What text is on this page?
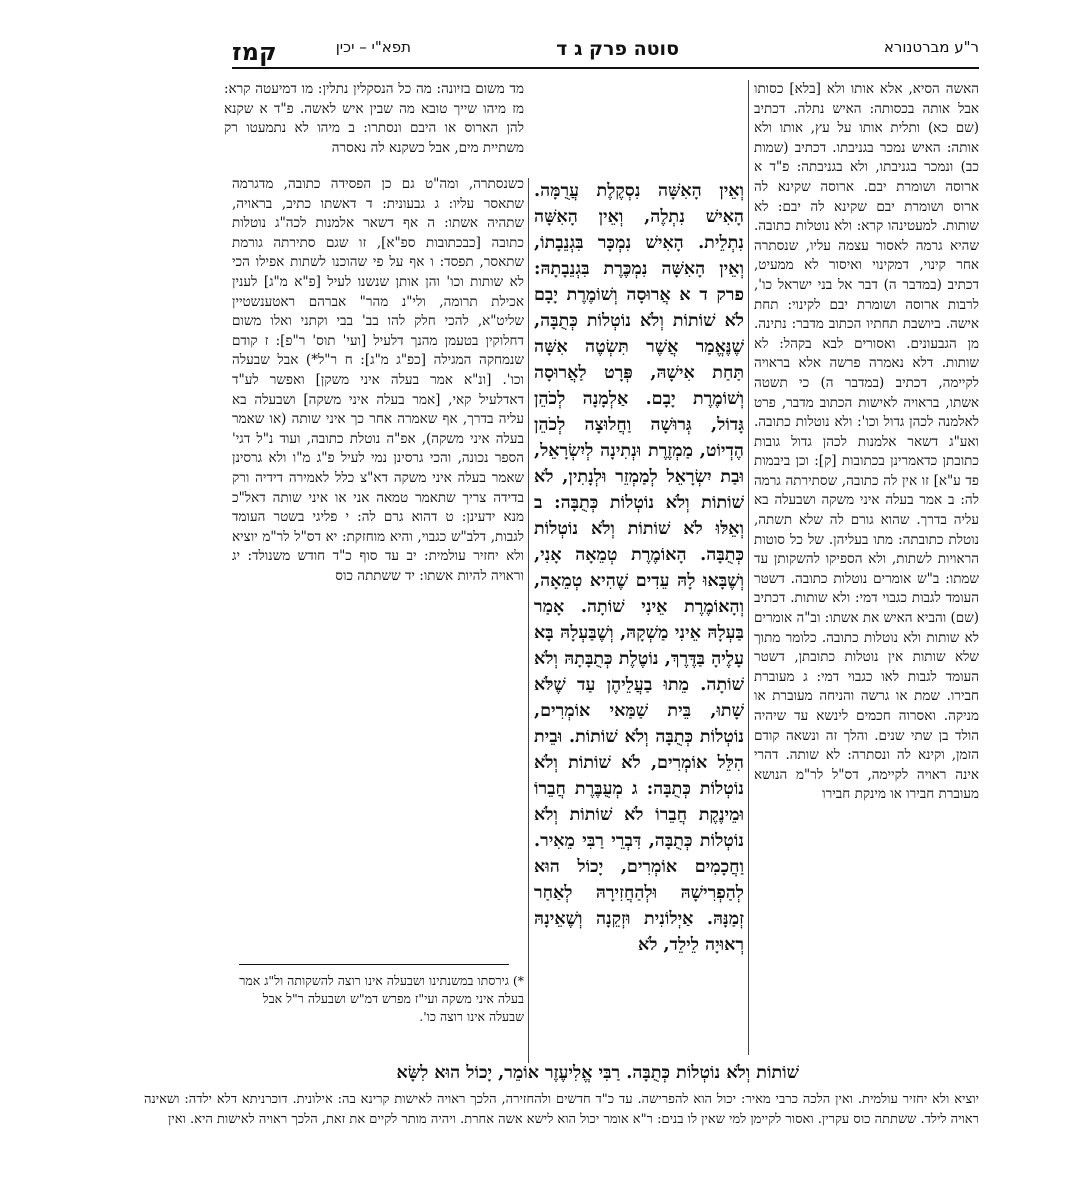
ר"ע מברטנורא
סוטה פרק ג ד
תפא"י – יכין
קמז
האשה הסיא, אלא אותו ולא [בלא] כסותו אבל אותה בכסותה: האיש נתלה. דכתיב (שם כא) ותלית אותו על עץ, אותו ולא אותה: האיש נמכר בגניבתו. דכתיב (שמות כב) ונמכר בגניבתו, ולא בגניבתה: פ"ד א ארוסה ושומרת יבם. ארוסה שקינא לה ארוס ושומרת יבם שקינא לה יבם: לא שותות. למעטינהו קרא: ולא נוטלות כתובה. שהיא גרמה לאסור עצמה עליו, שנסתרה אחר קינוי, דמקינוי ואיסור לא ממעיט, דכתיב (במדבר ה) דבר אל בני ישראל כו', לרבות ארוסה ושומרת יבם לקינוי: תחת אישה. ביושבת תחתיו הכתוב מדבר: נתינה. מן הגבעונים. ואסורים לבא בקהל: לא שותות. דלא נאמרה פרשה אלא בראויה לקיימה, דכתיב (במדבר ה) כי תשטה אשתו, בראויה לאישות הכתוב מדבר, פרט לאלמנה לכהן גדול וכו': ולא נוטלות כתובה. ואע"ג דשאר אלמנות לכהן גדול גובות כתובתן כדאמרינן בכתובות [ק]: וכן ביבמות פד ע"א] זו אין לה כתובה, שסתירתה גרמה לה: ב אמר בעלה איני משקה ושבעלה בא עליה בדרך. שהוא גורם לה שלא תשתה, נוטלת כתובתה: מתו בעליהן. של כל סוטות הראויות לשתות, ולא הספיקו להשקותן עד שמתו: ב"ש אומרים נוטלות כתובה. דשטר העומד לגבות כגבוי דמי: ולא שותות. דכתיב (שם) והביא האיש את אשתו: וב"ה אומרים לא שותות ולא נוטלות כתובה. כלומר מתוך שלא שותות אין נוטלות כתובתן, דשטר העומד לגבות לאו כגבוי דמי: ג מעוברת חבירו. שמת או גרשה והניחה מעוברת או מניקה. ואסרוה חכמים לינשא עד שיהיה הולד בן שתי שנים. והלך זה ונשאה קודם הזמן, וקינא לה ונסתרה: לא שותה. דהרי אינה ראויה לקיימה, דס"ל לר"מ הנושא מעוברת חבירו או מינקת חבירו
מד משום בזיונה: מה כל הנסקלין נתלין: מו דמיעטה קרא: מז מיהו שייך טובא מה שבין איש לאשה. פ"ד א שקנא להן הארוס או היבם ונסתרו: ב מיהו לא נתמעטו רק משתיית מים, אבל כשקנא לה נאסרה
כשנסתרה, ומה"ט גם כן הפסידה כתובה, מדגרמה שתאסר עליו: ג גבעונית: ד דאשתו כתיב, בראויה, שתהיה אשתו: ה אף דשאר אלמנות לכה"ג נוטלות כתובה [כבכתובות ספ"א], זו שגם סתירתה גורמת שתאסר, תפסד: ו אף על פי שהוכנו לשתות אפילו הכי לא שותות וכו' והן אותן שנשנו לעיל [פ"א מ"ג] לענין אכילת תרומה, ולי"נ מהר" אברהם ראטענשטיין שליט"א, להכי חלק להו בב' בבי וקתני ואלו משום דחלוקין בטעמן מהנך דלעיל [ועי' תוס' ר"פ]: ז קודם שנמחקה המגילה [כפ"ג מ"ג]: ח ר"ל*) אבל שבעלה וכו'. [ונ"א אמר בעלה איני משקן] ואפשר לע"ד דאדלעיל קאי, [אמר בעלה איני משקה] ושבעלה בא עליה בדרך, אף שאמרה אחר כך איני שותה (או שאמר בעלה איני משקה), אפ"ה נוטלת כתובה, ועוד נ"ל דגי' הספר נכונה, והכי גרסינן נמי לעיל פ"ג מ"ו ולא גרסינן שאמר בעלה איני משקה דא"צ כלל לאמירה דידיה ורק בדידה צריך שתאמר טמאה אני או איני שותה דאל"כ מנא ידעינן: ט דהוא גרם לה: י פליגי בשטר העומד לגבות, דלב"ש כגבוי, והיא מוחזקת: יא דס"ל לר"מ יוציא ולא יחזיר עולמית: יב עד סוף כ"ד חודש משנולד: יג וראויה להיות אשתו: יד ששתתה כוס
וְאֵין הָאִשָּׁה נִסְקֶלֶת עֲרֻמָּה. הָאִישׁ נִתְלֶה, וְאֵין הָאִשָּׁה נִתְלֵית. הָאִישׁ נִמְכָּר בִּגְנֵבָתוֹ, וְאֵין הָאִשָּׁה נִמְכֶּרֶת בִּגְנֵבָתָהּ: פרק ד א אֲרוּסָה וְשׁוֹמֶרֶת יָבָם לֹא שׁוֹתוֹת וְלֹא נוֹטְלוֹת כְּתֻבָּה, שֶׁנֶּאֱמַר אֲשֶׁר תִּשְׂטֶה אִשָּׁה תַּחַת אִישָׁהּ, פְּרָט לַאֲרוּסָה וְשׁוֹמֶרֶת יָבָם. אַלְמָנָה לְכֹהֵן גָּדוֹל, גְּרוּשָׁה וַחֲלוּצָה לְכֹהֵן הֶדְיוֹט, מַמְזֶרֶת וּנְתִינָה לְיִשְׂרָאֵל, וּבַת יִשְׂרָאֵל לְמַמְזֵר וּלְנָתִין, לֹא שׁוֹתוֹת וְלֹא נוֹטְלוֹת כְּתֻבָּה: ב וְאֵלּוּ לֹא שׁוֹתוֹת וְלֹא נוֹטְלוֹת כְּתֻבָּה. הָאוֹמֶרֶת טְמֵאָה אָנִי, וְשֶׁבָּאוּ לָהּ עֵדִים שֶׁהִיא טְמֵאָה, וְהָאוֹמֶרֶת אֵינִי שׁוֹתָה. אָמַר בַּעְלָהּ אֵינִי מַשְׁקָהּ, וְשֶׁבַּעְלָהּ בָּא עָלֶיהָ בַּדֶּרֶךְ, נוֹטֶלֶת כְּתֻבָּתָהּ וְלֹא שׁוֹתָה. מֵתוּ בַעֲלֵיהֶן עַד שֶׁלֹּא שָׁתוּ, בֵּית שַׁמַּאי אוֹמְרִים, נוֹטְלוֹת כְּתֻבָּה וְלֹא שׁוֹתוֹת. וּבֵית הִלֵּל אוֹמְרִים, לֹא שׁוֹתוֹת וְלֹא נוֹטְלוֹת כְּתֻבָּה: ג מְעֻבֶּרֶת חֲבֵרוֹ וּמֵינֶקֶת חֲבֵרוֹ לֹא שׁוֹתוֹת וְלֹא נוֹטְלוֹת כְּתֻבָּה, דִּבְרֵי רַבִּי מֵאִיר. וַחֲכָמִים אוֹמְרִים, יָכוֹל הוּא לְהַפְרִישָׁהּ וּלְהַחֲזִירָהּ לְאַחַר זְמַנָּהּ. אַיְלוֹנִית וּזְקֵנָה וְשֶׁאֵינָהּ רְאוּיָה לֵילֵד, לֹא
*) גירסתו במשנתינו ושבעלה אינו רוצה להשקותה ול"ג אמר בעלה איני משקה ועי"ז מפרש דמ"ש ושבעלה ר"ל אבל שבעלה אינו רוצה כו'.
שׁוֹתוֹת וְלֹא נוֹטְלוֹת כְּתֻבָּה. רַבִּי אֱלִיעֶזֶר אוֹמֵר, יָכוֹל הוּא לִשָּׂא
יוציא ולא יחזיר עולמית. ואין הלכה כרבי מאיר: יכול הוא להפרישה. עד כ"ד חדשים ולהחזירה, הלכך ראויה לאישות קרינא בה: אילונית. דוכרניתא דלא ילדה: ושאינה ראויה לילד. ששתתה כוס עקרין. ואסור לקיימן למי שאין לו בנים: ר"א אומר יכול הוא לישא אשה אחרת. ויהיה מותר לקיים את זאת, הלכך ראויה לאישות היא. ואין
